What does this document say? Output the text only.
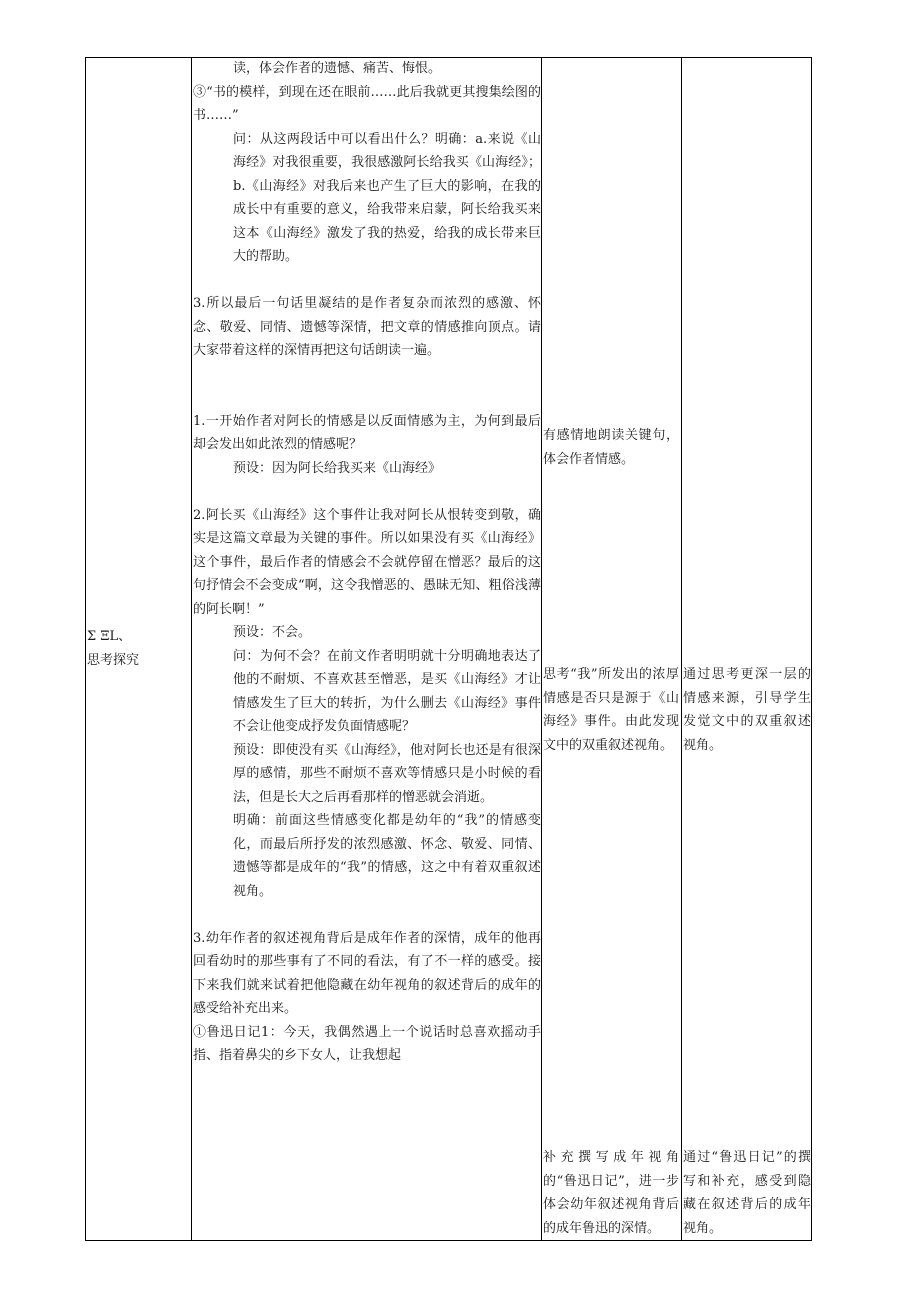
Σ ΞL、

思考探究

读，体会作者的遗憾、痛苦、悔恨。

③“书的模样，到现在还在眼前……此后我就更其搜集绘图的书……”

问：从这两段话中可以看出什么？明确：a.来说《山海经》对我很重要，我很感激阿长给我买《山海经》；b.《山海经》对我后来也产生了巨大的影响，在我的成长中有重要的意义，给我带来启蒙，阿长给我买来这本《山海经》激发了我的热爱，给我的成长带来巨大的帮助。

3.所以最后一句话里凝结的是作者复杂而浓烈的感激、怀念、敬爱、同情、遗憾等深情，把文章的情感推向顶点。请大家带着这样的深情再把这句话朗读一遍。

1.一开始作者对阿长的情感是以反面情感为主，为何到最后却会发出如此浓烈的情感呢？

预设：因为阿长给我买来《山海经》

2.阿长买《山海经》这个事件让我对阿长从恨转变到敬，确实是这篇文章最为关键的事件。所以如果没有买《山海经》这个事件，最后作者的情感会不会就停留在憎恶？最后的这句抒情会不会变成“啊，这令我憎恶的、愚昧无知、粗俗浅薄的阿长啊！”

预设：不会。

问：为何不会？在前文作者明明就十分明确地表达了他的不耐烦、不喜欢甚至憎恶，是买《山海经》才让情感发生了巨大的转折，为什么删去《山海经》事件不会让他变成抒发负面情感呢？

预设：即使没有买《山海经》，他对阿长也还是有很深厚的感情，那些不耐烦不喜欢等情感只是小时候的看法，但是长大之后再看那样的憎恶就会消逝。

明确：前面这些情感变化都是幼年的“我”的情感变化，而最后所抒发的浓烈感激、怀念、敬爱、同情、遗憾等都是成年的“我”的情感，这之中有着双重叙述视角。

3.幼年作者的叙述视角背后是成年作者的深情，成年的他再回看幼时的那些事有了不同的看法，有了不一样的感受。接下来我们就来试着把他隐藏在幼年视角的叙述背后的成年的感受给补充出来。

①鲁迅日记1：今天，我偶然遇上一个说话时总喜欢摇动手指、指着鼻尖的乡下女人，让我想起

有感情地朗读关键句，体会作者情感。

思考“我”所发出的浓厚情感是否只是源于《山海经》事件。由此发现文中的双重叙述视角。

补充撰写成年视角的“鲁迅日记”，进一步体会幼年叙述视角背后的成年鲁迅的深情。

通过思考更深一层的情感来源，引导学生发觉文中的双重叙述视角。

通过“鲁迅日记”的撰写和补充，感受到隐藏在叙述背后的成年视角。
